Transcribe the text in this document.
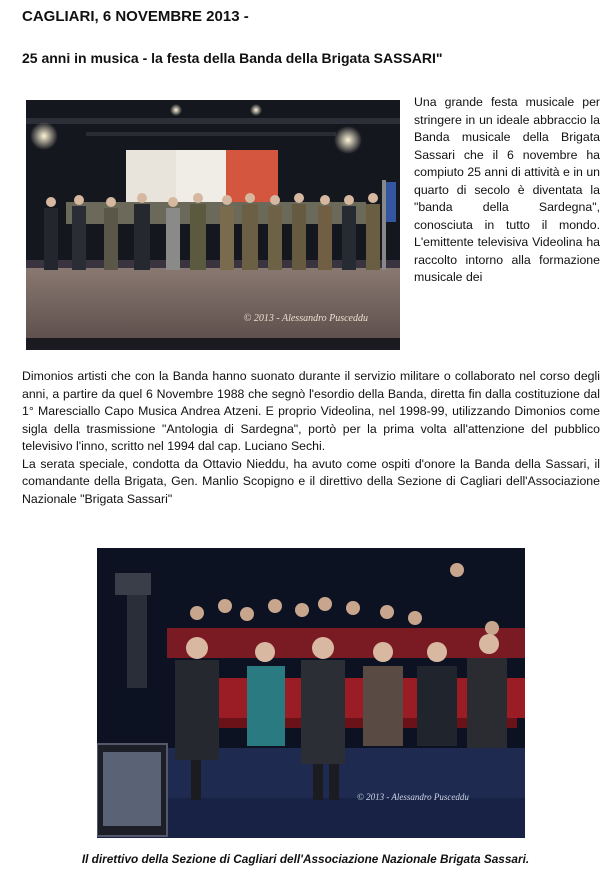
CAGLIARI, 6 NOVEMBRE 2013 -
25 anni in musica - la festa della Banda della Brigata SASSARI"
© 2013 - Alessandro Pusceddu

Una grande festa musicale per stringere in un ideale abbraccio la Banda musicale della Brigata Sassari che il 6 novembre ha compiuto 25 anni di attività e in un quarto di secolo è diventata la "banda della Sardegna", conosciuta in tutto il mondo. L'emittente televisiva Videolina ha raccolto intorno alla formazione musicale dei

Dimonios artisti che con la Banda hanno suonato durante il servizio militare o collaborato nel corso degli anni, a partire da quel 6 Novembre 1988 che segnò l'esordio della Banda, diretta fin dalla costituzione dal 1° Maresciallo Capo Musica Andrea Atzeni. E proprio Videolina, nel 1998-99, utilizzando Dimonios come sigla della trasmissione "Antologia di Sardegna", portò per la prima volta all'attenzione del pubblico televisivo l'inno, scritto nel 1994 dal cap. Luciano Sechi.

La serata speciale, condotta da Ottavio Nieddu, ha avuto come ospiti d'onore la Banda della Sassari, il comandante della Brigata, Gen. Manlio Scopigno e il direttivo della Sezione di Cagliari dell'Associazione Nazionale "Brigata Sassari"

© 2013 - Alessandro Pusceddu

Il direttivo della Sezione di Cagliari dell'Associazione Nazionale Brigata Sassari.
